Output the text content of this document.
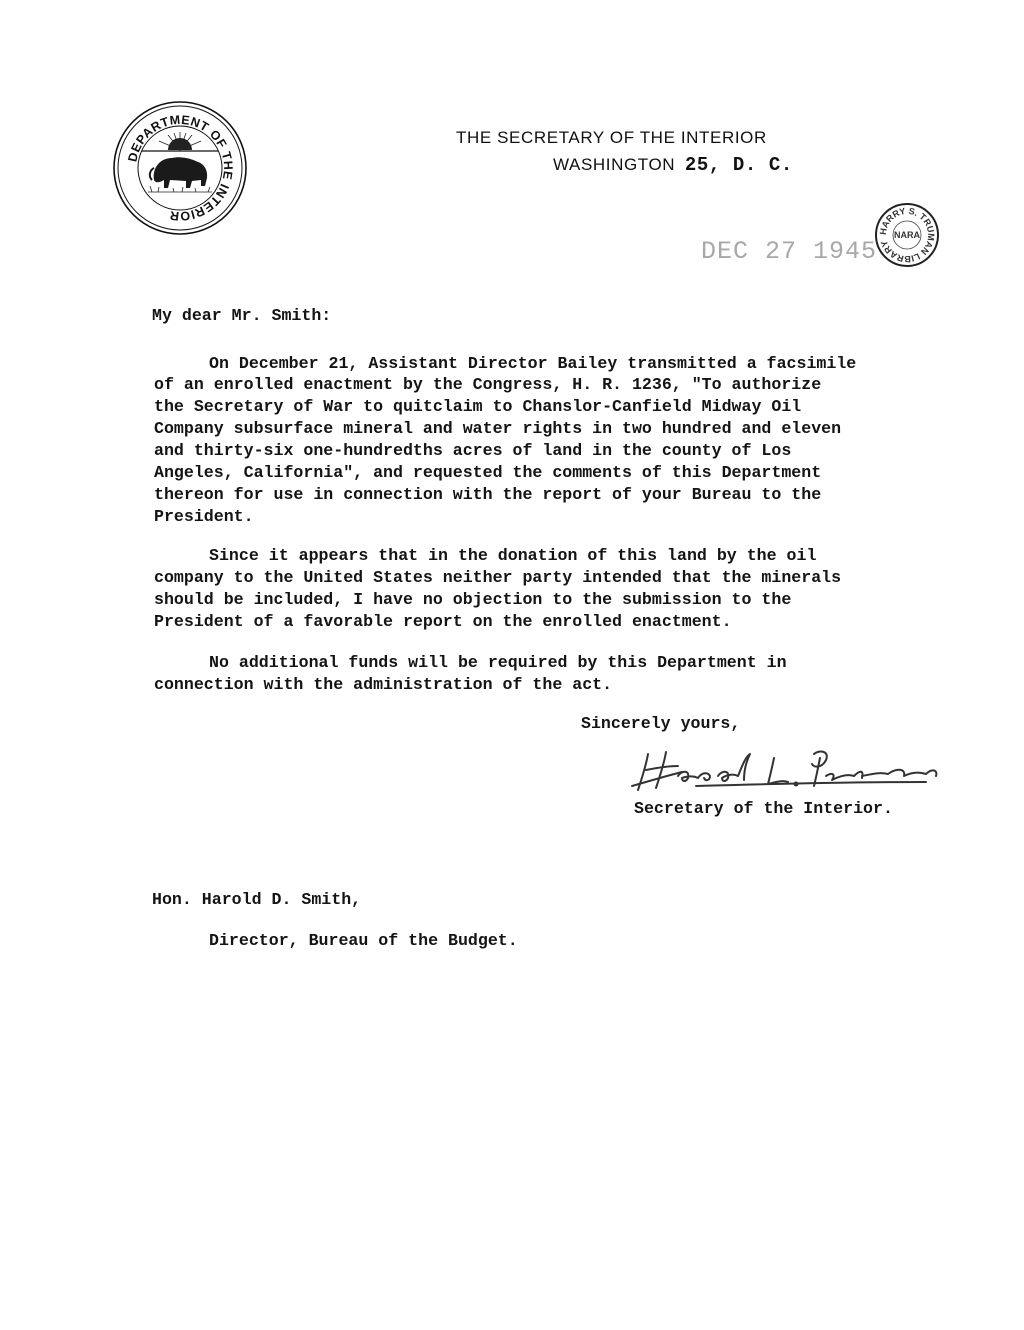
DEPARTMENT OF THE INTERIOR
THE SECRETARY OF THE INTERIOR
WASHINGTON 25, D. C.
DEC 27 1945
HARRY S. TRUMAN LIBRARY
NARA
My dear Mr. Smith:
On December 21, Assistant Director Bailey transmitted a facsimile
of an enrolled enactment by the Congress, H. R. 1236, "To authorize
the Secretary of War to quitclaim to Chanslor-Canfield Midway Oil
Company subsurface mineral and water rights in two hundred and eleven
and thirty-six one-hundredths acres of land in the county of Los
Angeles, California", and requested the comments of this Department
thereon for use in connection with the report of your Bureau to the
President.
Since it appears that in the donation of this land by the oil
company to the United States neither party intended that the minerals
should be included, I have no objection to the submission to the
President of a favorable report on the enrolled enactment.
No additional funds will be required by this Department in
connection with the administration of the act.
Sincerely yours,
Secretary of the Interior.
Hon. Harold D. Smith,
Director, Bureau of the Budget.
